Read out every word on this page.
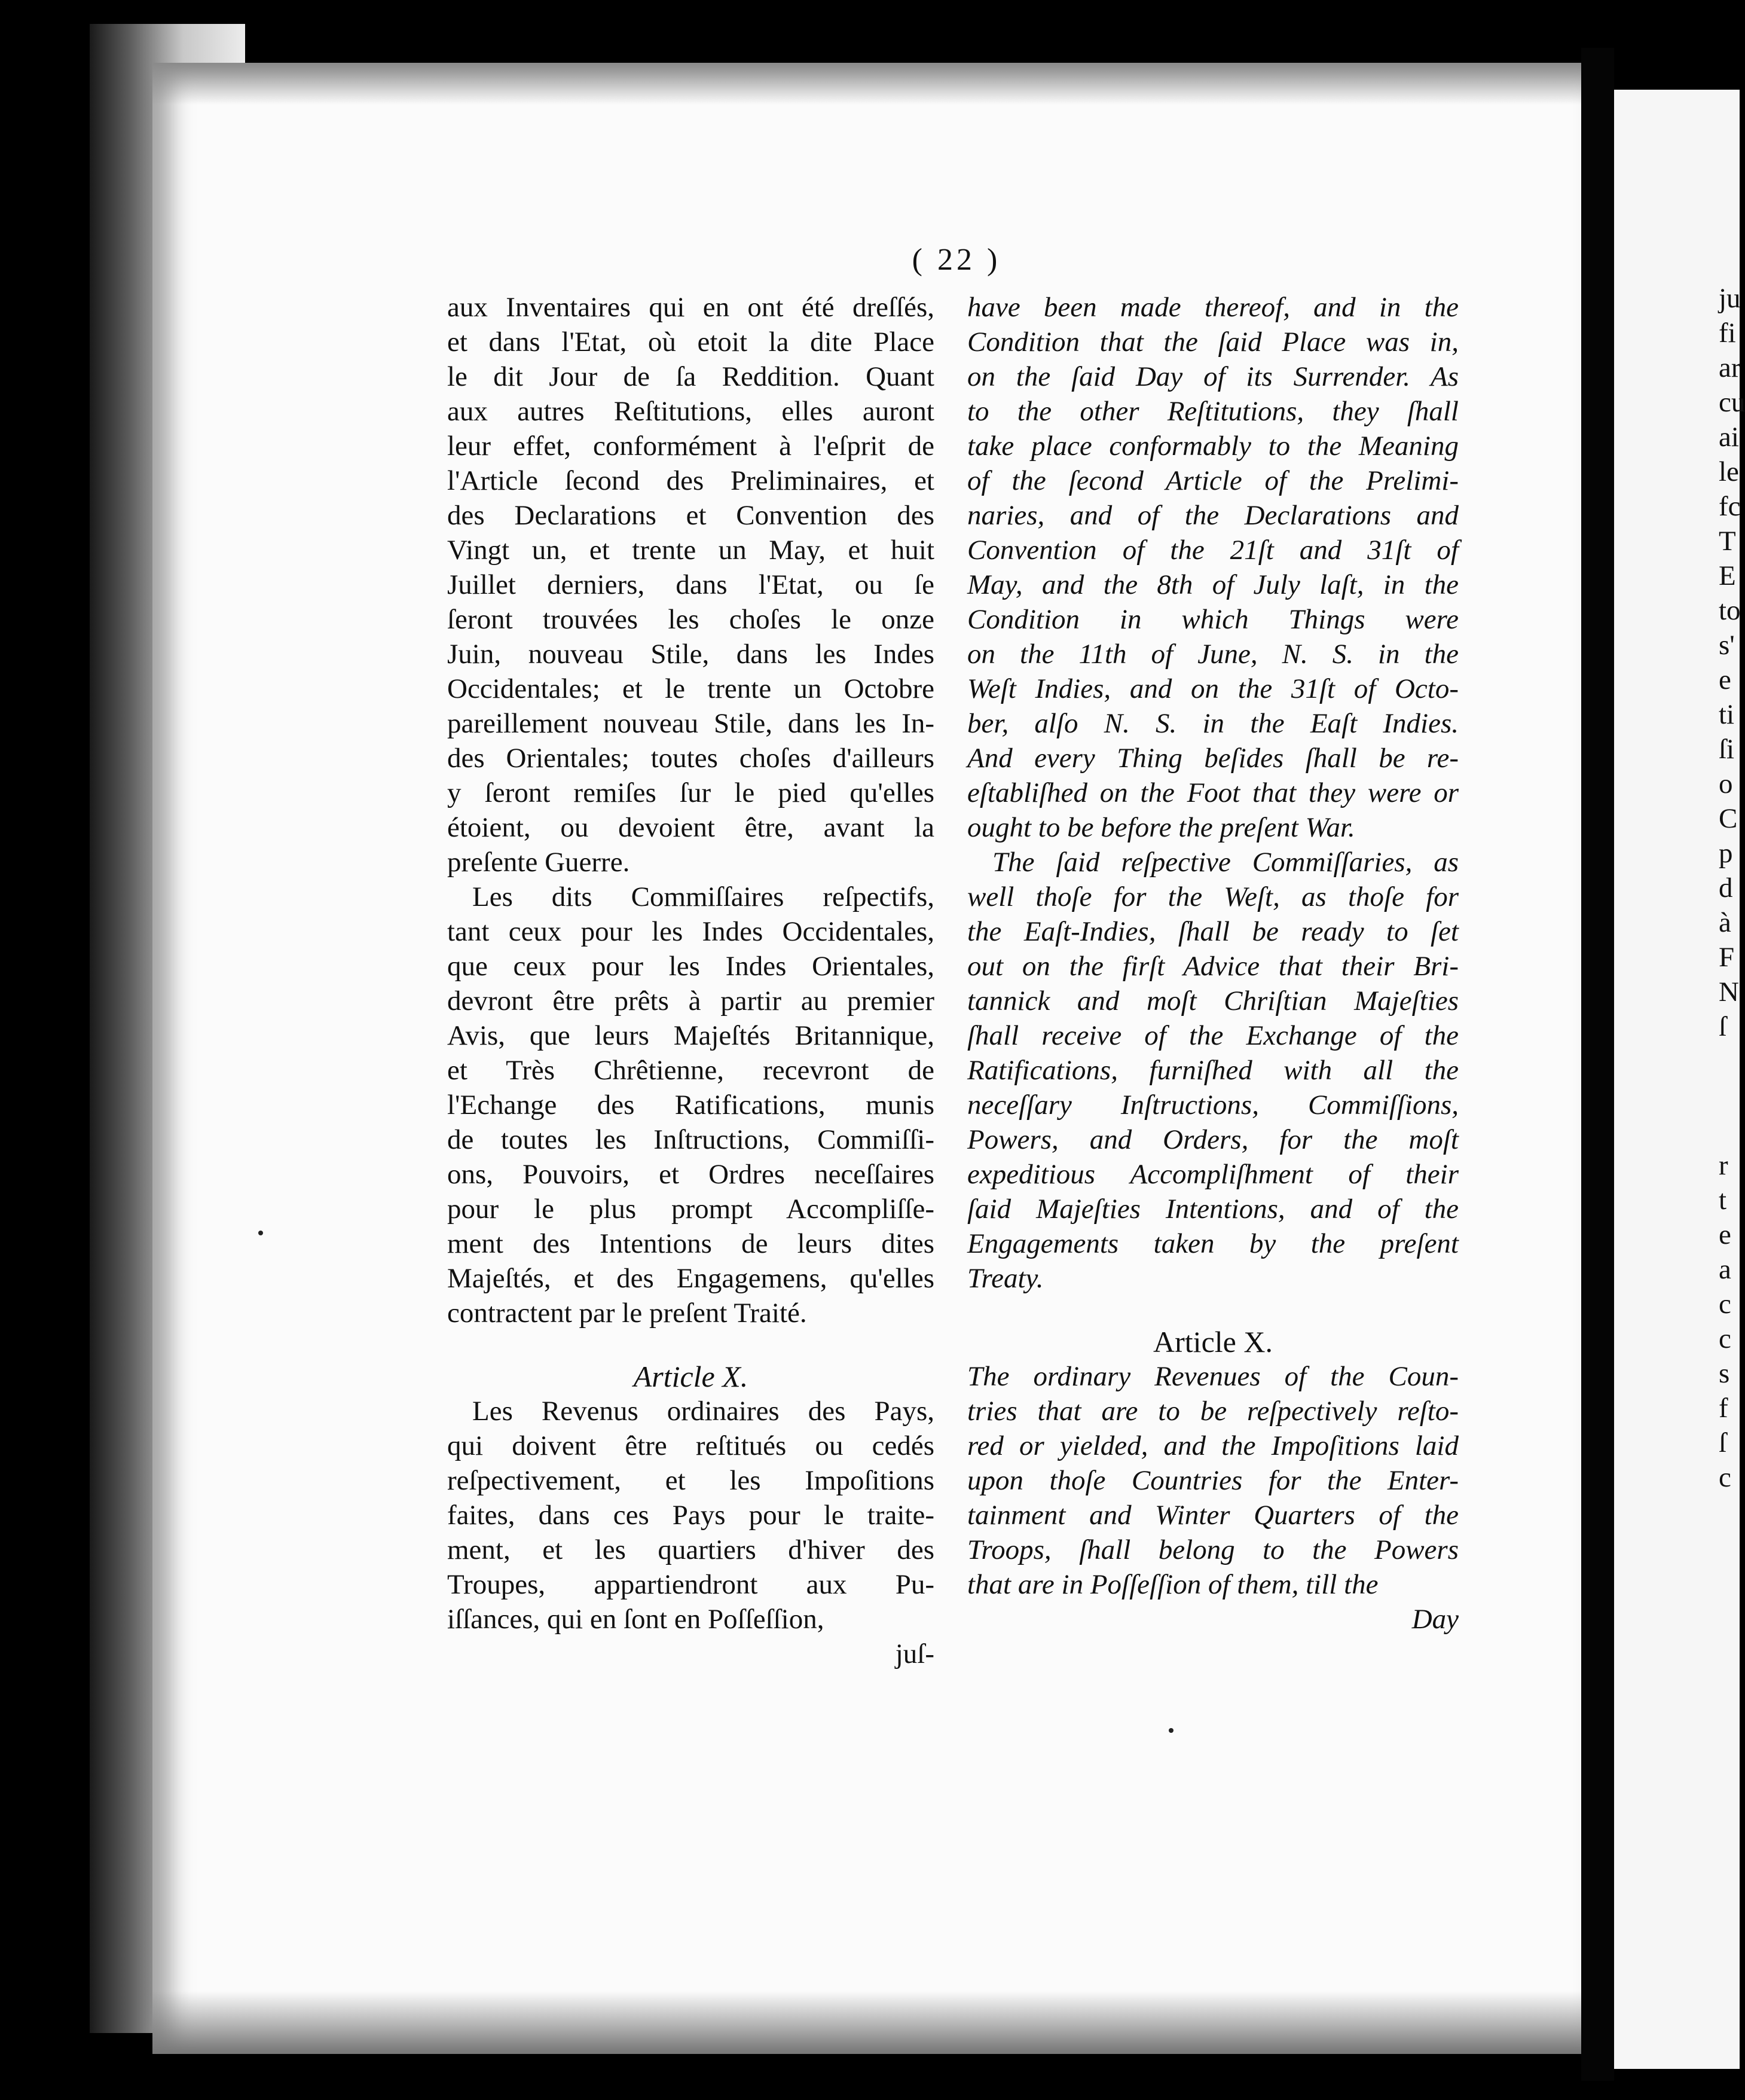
( 22 )
aux Inventaires qui en ont été dreſſés,
et dans l'Etat, où etoit la dite Place
le dit Jour de ſa Reddition. Quant
aux autres Reſtitutions, elles auront
leur effet, conformément à l'eſprit de
l'Article ſecond des Preliminaires, et
des Declarations et Convention des
Vingt un, et trente un May, et huit
Juillet derniers, dans l'Etat, ou ſe
ſeront trouvées les choſes le onze
Juin, nouveau Stile, dans les Indes
Occidentales; et le trente un Octobre
pareillement nouveau Stile, dans les In-
des Orientales; toutes choſes d'ailleurs
y ſeront remiſes ſur le pied qu'elles
étoient, ou devoient être, avant la
preſente Guerre.
Les dits Commiſſaires reſpectifs,
tant ceux pour les Indes Occidentales,
que ceux pour les Indes Orientales,
devront être prêts à partir au premier
Avis, que leurs Majeſtés Britannique,
et Très Chrêtienne, recevront de
l'Echange des Ratifications, munis
de toutes les Inſtructions, Commiſſi-
ons, Pouvoirs, et Ordres neceſſaires
pour le plus prompt Accompliſſe-
ment des Intentions de leurs dites
Majeſtés, et des Engagemens, qu'elles
contractent par le preſent Traité.
Article X.
Les Revenus ordinaires des Pays,
qui doivent être reſtitués ou cedés
reſpectivement, et les Impoſitions
faites, dans ces Pays pour le traite-
ment, et les quartiers d'hiver des
Troupes, appartiendront aux Pu-
iſſances, qui en ſont en Poſſeſſion,
juſ-
have been made thereof, and in the
Condition that the ſaid Place was in,
on the ſaid Day of its Surrender. As
to the other Reſtitutions, they ſhall
take place conformably to the Meaning
of the ſecond Article of the Prelimi-
naries, and of the Declarations and
Convention of the 21ſt and 31ſt of
May, and the 8th of July laſt, in the
Condition in which Things were
on the 11th of June, N. S. in the
Weſt Indies, and on the 31ſt of Octo-
ber, alſo N. S. in the Eaſt Indies.
And every Thing beſides ſhall be re-
eſtabliſhed on the Foot that they were or
ought to be before the preſent War.
The ſaid reſpective Commiſſaries, as
well thoſe for the Weſt, as thoſe for
the Eaſt-Indies, ſhall be ready to ſet
out on the firſt Advice that their Bri-
tannick and moſt Chriſtian Majeſties
ſhall receive of the Exchange of the
Ratifications, furniſhed with all the
neceſſary Inſtructions, Commiſſions,
Powers, and Orders, for the moſt
expeditious Accompliſhment of their
ſaid Majeſties Intentions, and of the
Engagements taken by the preſent
Treaty.
Article X.
The ordinary Revenues of the Coun-
tries that are to be reſpectively reſto-
red or yielded, and the Impoſitions laid
upon thoſe Countries for the Enter-
tainment and Winter Quarters of the
Troops, ſhall belong to the Powers
that are in Poſſeſſion of them, till the
Day
ju
fi
ar
cu
ai
le
fc
T
E
to
s'
e
ti
ſi
o
C
p
d
à
F
N
ſ

r
t
e
a
c
c
s
f
ſ
c
